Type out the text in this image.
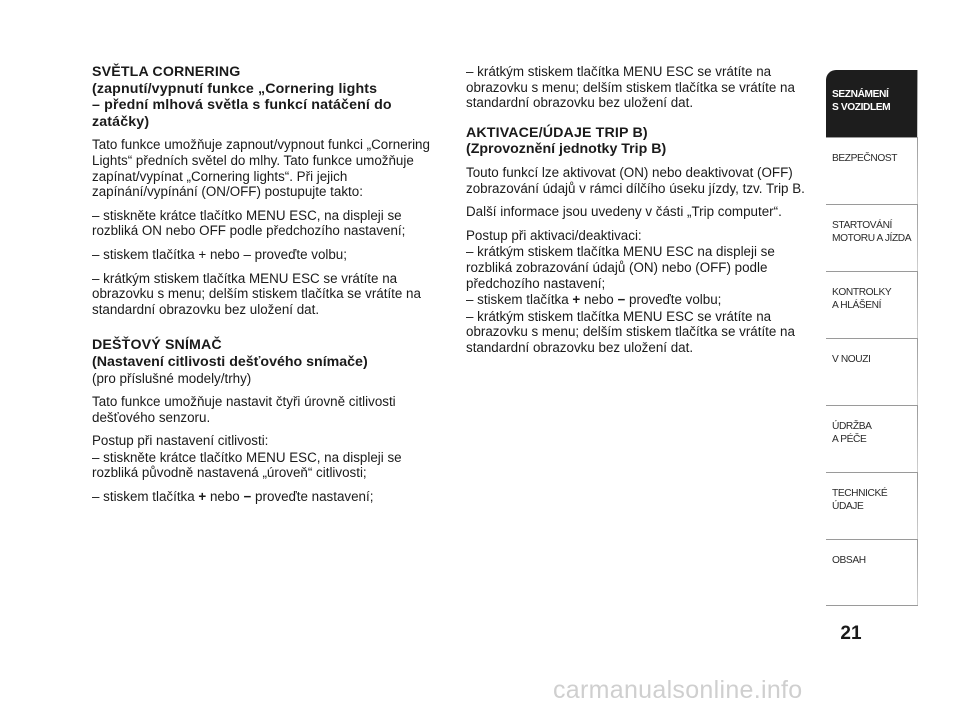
SVĚTLA CORNERING

(zapnutí/vypnutí funkce „Cornering lights

– přední mlhová světla s funkcí natáčení do

zatáčky)

Tato funkce umožňuje zapnout/vypnout funkci „Cornering Lights“ předních světel do mlhy. Tato funkce umožňuje zapínat/vypínat „Cornering lights“. Při jejich zapínání/vypínání (ON/OFF) postupujte takto:

– stiskněte krátce tlačítko MENU ESC, na displeji se rozbliká ON nebo OFF podle předchozího nastavení;

– stiskem tlačítka + nebo – proveďte volbu;

– krátkým stiskem tlačítka MENU ESC se vrátíte na obrazovku s menu; delším stiskem tlačítka se vrátíte na standardní obrazovku bez uložení dat.

DEŠŤOVÝ SNÍMAČ

(Nastavení citlivosti dešťového snímače)

(pro příslušné modely/trhy)

Tato funkce umožňuje nastavit čtyři úrovně citlivosti dešťového senzoru.

Postup při nastavení citlivosti:

– stiskněte krátce tlačítko MENU ESC, na displeji se rozbliká původně nastavená „úroveň“ citlivosti;

– stiskem tlačítka + nebo − proveďte nastavení;

– krátkým stiskem tlačítka MENU ESC se vrátíte na obrazovku s menu; delším stiskem tlačítka se vrátíte na standardní obrazovku bez uložení dat.

AKTIVACE/ÚDAJE TRIP B)

(Zprovoznění jednotky Trip B)

Touto funkcí lze aktivovat (ON) nebo deaktivovat (OFF) zobrazování údajů v rámci dílčího úseku jízdy, tzv. Trip B.

Další informace jsou uvedeny v části „Trip computer“.

Postup při aktivaci/deaktivaci:

– krátkým stiskem tlačítka MENU ESC na displeji se rozbliká zobrazování údajů (ON) nebo (OFF) podle předchozího nastavení;

– stiskem tlačítka + nebo − proveďte volbu;

– krátkým stiskem tlačítka MENU ESC se vrátíte na obrazovku s menu; delším stiskem tlačítka se vrátíte na standardní obrazovku bez uložení dat.

SEZNÁMENÍ
S VOZIDLEM
BEZPEČNOST
STARTOVÁNÍ
MOTORU A JÍZDA
KONTROLKY
A HLÁŠENÍ
V NOUZI
ÚDRŽBA
A PÉČE
TECHNICKÉ
ÚDAJE
OBSAH
21
carmanualsonline.info
